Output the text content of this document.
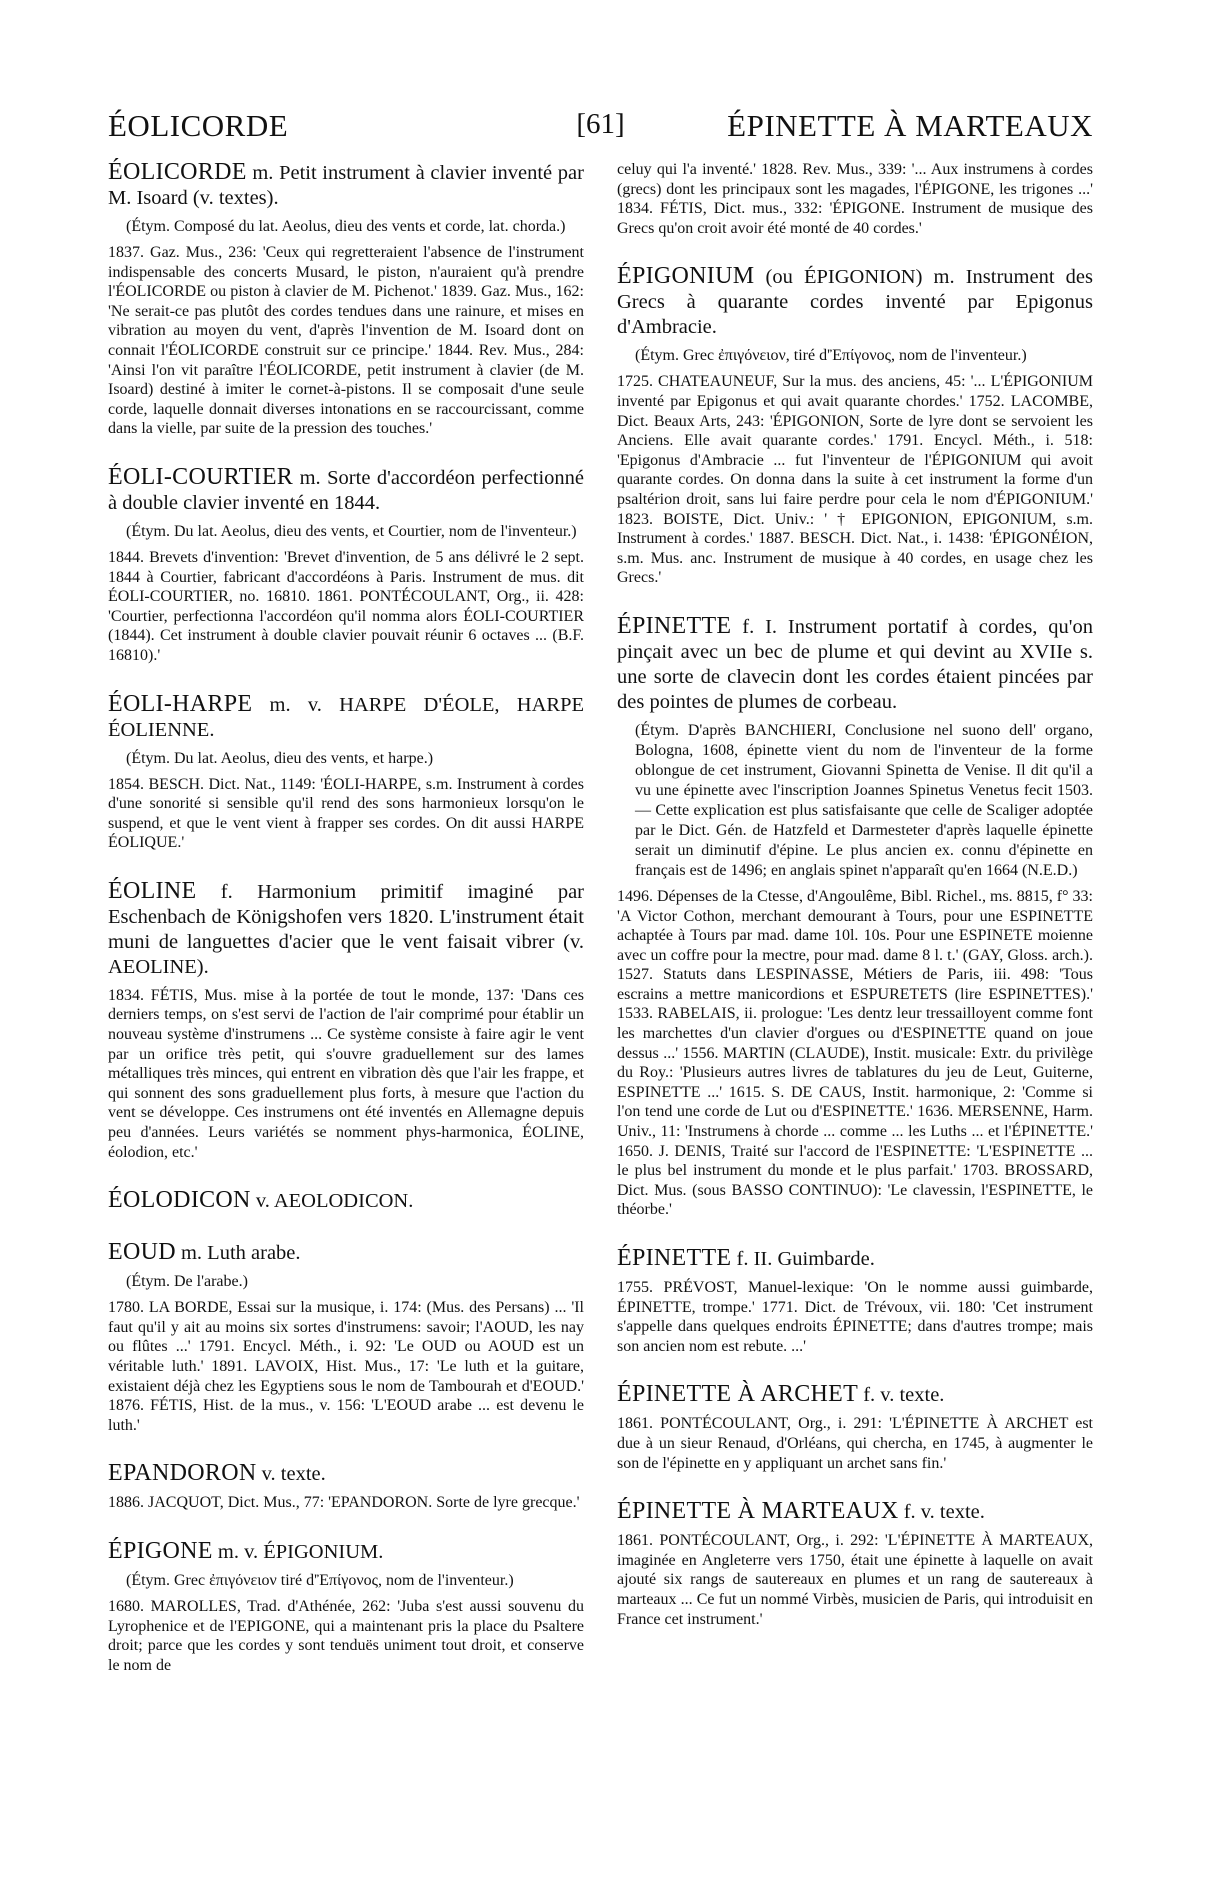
ÉOLICORDE	[61]	ÉPINETTE À MARTEAUX

ÉOLICORDE m. Petit instrument à clavier inventé par M. Isoard (v. textes).

(Étym. Composé du lat. Aeolus, dieu des vents et corde, lat. chorda.)

1837. Gaz. Mus., 236: 'Ceux qui regretteraient l'absence de l'instrument indispensable des concerts Musard, le piston, n'auraient qu'à prendre l'ÉOLICORDE ou piston à clavier de M. Pichenot.' 1839. Gaz. Mus., 162: 'Ne serait-ce pas plutôt des cordes tendues dans une rainure, et mises en vibration au moyen du vent, d'après l'invention de M. Isoard dont on connait l'ÉOLICORDE construit sur ce principe.' 1844. Rev. Mus., 284: 'Ainsi l'on vit paraître l'ÉOLICORDE, petit instrument à clavier (de M. Isoard) destiné à imiter le cornet-à-pistons. Il se composait d'une seule corde, laquelle donnait diverses intonations en se raccourcissant, comme dans la vielle, par suite de la pression des touches.'

ÉOLI-COURTIER m. Sorte d'accordéon perfectionné à double clavier inventé en 1844.

(Étym. Du lat. Aeolus, dieu des vents, et Courtier, nom de l'inventeur.)

1844. Brevets d'invention: 'Brevet d'invention, de 5 ans délivré le 2 sept. 1844 à Courtier, fabricant d'accordéons à Paris. Instrument de mus. dit ÉOLI-COURTIER, no. 16810. 1861. PONTÉCOULANT, Org., ii. 428: 'Courtier, perfectionna l'accordéon qu'il nomma alors ÉOLI-COURTIER (1844). Cet instrument à double clavier pouvait réunir 6 octaves ... (B.F. 16810).'

ÉOLI-HARPE m. v. HARPE D'ÉOLE, HARPE ÉOLIENNE.

(Étym. Du lat. Aeolus, dieu des vents, et harpe.)

1854. BESCH. Dict. Nat., 1149: 'ÉOLI-HARPE, s.m. Instrument à cordes d'une sonorité si sensible qu'il rend des sons harmonieux lorsqu'on le suspend, et que le vent vient à frapper ses cordes. On dit aussi HARPE ÉOLIQUE.'

ÉOLINE f. Harmonium primitif imaginé par Eschenbach de Königshofen vers 1820. L'instrument était muni de languettes d'acier que le vent faisait vibrer (v. AEOLINE).

1834. FÉTIS, Mus. mise à la portée de tout le monde, 137: 'Dans ces derniers temps, on s'est servi de l'action de l'air comprimé pour établir un nouveau système d'instrumens ... Ce système consiste à faire agir le vent par un orifice très petit, qui s'ouvre graduellement sur des lames métalliques très minces, qui entrent en vibration dès que l'air les frappe, et qui sonnent des sons graduellement plus forts, à mesure que l'action du vent se développe. Ces instrumens ont été inventés en Allemagne depuis peu d'années. Leurs variétés se nomment phys-harmonica, ÉOLINE, éolodion, etc.'

ÉOLODICON v. AEOLODICON.

EOUD m. Luth arabe.

(Étym. De l'arabe.)

1780. LA BORDE, Essai sur la musique, i. 174: (Mus. des Persans) ... 'Il faut qu'il y ait au moins six sortes d'instrumens: savoir; l'AOUD, les nay ou flûtes ...' 1791. Encycl. Méth., i. 92: 'Le OUD ou AOUD est un véritable luth.' 1891. LAVOIX, Hist. Mus., 17: 'Le luth et la guitare, existaient déjà chez les Egyptiens sous le nom de Tambourah et d'EOUD.' 1876. FÉTIS, Hist. de la mus., v. 156: 'L'EOUD arabe ... est devenu le luth.'

EPANDORON v. texte.

1886. JACQUOT, Dict. Mus., 77: 'EPANDORON. Sorte de lyre grecque.'

ÉPIGONE m. v. ÉPIGONIUM.

(Étym. Grec ἐπιγόνειον tiré d'Ἐπίγονος, nom de l'inventeur.)

1680. MAROLLES, Trad. d'Athénée, 262: 'Juba s'est aussi souvenu du Lyrophenice et de l'EPIGONE, qui a maintenant pris la place du Psaltere droit; parce que les cordes y sont tenduës uniment tout droit, et conserve le nom de

celuy qui l'a inventé.' 1828. Rev. Mus., 339: '... Aux instrumens à cordes (grecs) dont les principaux sont les magades, l'ÉPIGONE, les trigones ...' 1834. FÉTIS, Dict. mus., 332: 'ÉPIGONE. Instrument de musique des Grecs qu'on croit avoir été monté de 40 cordes.'

ÉPIGONIUM (ou ÉPIGONION) m. Instrument des Grecs à quarante cordes inventé par Epigonus d'Ambracie.

(Étym. Grec ἐπιγόνειον, tiré d'Ἐπίγονος, nom de l'inventeur.)

1725. CHATEAUNEUF, Sur la mus. des anciens, 45: '... L'ÉPIGONIUM inventé par Epigonus et qui avait quarante chordes.' 1752. LACOMBE, Dict. Beaux Arts, 243: 'ÉPIGONION, Sorte de lyre dont se servoient les Anciens. Elle avait quarante cordes.' 1791. Encycl. Méth., i. 518: 'Epigonus d'Ambracie ... fut l'inventeur de l'ÉPIGONIUM qui avoit quarante cordes. On donna dans la suite à cet instrument la forme d'un psaltérion droit, sans lui faire perdre pour cela le nom d'ÉPIGONIUM.' 1823. BOISTE, Dict. Univ.: ' † EPIGONION, EPIGONIUM, s.m. Instrument à cordes.' 1887. BESCH. Dict. Nat., i. 1438: 'ÉPIGONÉION, s.m. Mus. anc. Instrument de musique à 40 cordes, en usage chez les Grecs.'

ÉPINETTE f. I. Instrument portatif à cordes, qu'on pinçait avec un bec de plume et qui devint au XVIIe s. une sorte de clavecin dont les cordes étaient pincées par des pointes de plumes de corbeau.

(Étym. D'après BANCHIERI, Conclusione nel suono dell' organo, Bologna, 1608, épinette vient du nom de l'inventeur de la forme oblongue de cet instrument, Giovanni Spinetta de Venise. Il dit qu'il a vu une épinette avec l'inscription Joannes Spinetus Venetus fecit 1503. — Cette explication est plus satisfaisante que celle de Scaliger adoptée par le Dict. Gén. de Hatzfeld et Darmesteter d'après laquelle épinette serait un diminutif d'épine. Le plus ancien ex. connu d'épinette en français est de 1496; en anglais spinet n'apparaît qu'en 1664 (N.E.D.)

1496. Dépenses de la Ctesse, d'Angoulême, Bibl. Richel., ms. 8815, f° 33: 'A Victor Cothon, merchant demourant à Tours, pour une ESPINETTE achaptée à Tours par mad. dame 10l. 10s. Pour une ESPINETE moienne avec un coffre pour la mectre, pour mad. dame 8 l. t.' (GAY, Gloss. arch.). 1527. Statuts dans LESPINASSE, Métiers de Paris, iii. 498: 'Tous escrains a mettre manicordions et ESPURETETS (lire ESPINETTES).' 1533. RABELAIS, ii. prologue: 'Les dentz leur tressailloyent comme font les marchettes d'un clavier d'orgues ou d'ESPINETTE quand on joue dessus ...' 1556. MARTIN (CLAUDE), Instit. musicale: Extr. du privilège du Roy.: 'Plusieurs autres livres de tablatures du jeu de Leut, Guiterne, ESPINETTE ...' 1615. S. DE CAUS, Instit. harmonique, 2: 'Comme si l'on tend une corde de Lut ou d'ESPINETTE.' 1636. MERSENNE, Harm. Univ., 11: 'Instrumens à chorde ... comme ... les Luths ... et l'ÉPINETTE.' 1650. J. DENIS, Traité sur l'accord de l'ESPINETTE: 'L'ESPINETTE ... le plus bel instrument du monde et le plus parfait.' 1703. BROSSARD, Dict. Mus. (sous BASSO CONTINUO): 'Le clavessin, l'ESPINETTE, le théorbe.'

ÉPINETTE f. II. Guimbarde.

1755. PRÉVOST, Manuel-lexique: 'On le nomme aussi guimbarde, ÉPINETTE, trompe.' 1771. Dict. de Trévoux, vii. 180: 'Cet instrument s'appelle dans quelques endroits ÉPINETTE; dans d'autres trompe; mais son ancien nom est rebute. ...'

ÉPINETTE À ARCHET f. v. texte.

1861. PONTÉCOULANT, Org., i. 291: 'L'ÉPINETTE À ARCHET est due à un sieur Renaud, d'Orléans, qui chercha, en 1745, à augmenter le son de l'épinette en y appliquant un archet sans fin.'

ÉPINETTE À MARTEAUX f. v. texte.

1861. PONTÉCOULANT, Org., i. 292: 'L'ÉPINETTE À MARTEAUX, imaginée en Angleterre vers 1750, était une épinette à laquelle on avait ajouté six rangs de sautereaux en plumes et un rang de sautereaux à marteaux ... Ce fut un nommé Virbès, musicien de Paris, qui introduisit en France cet instrument.'
